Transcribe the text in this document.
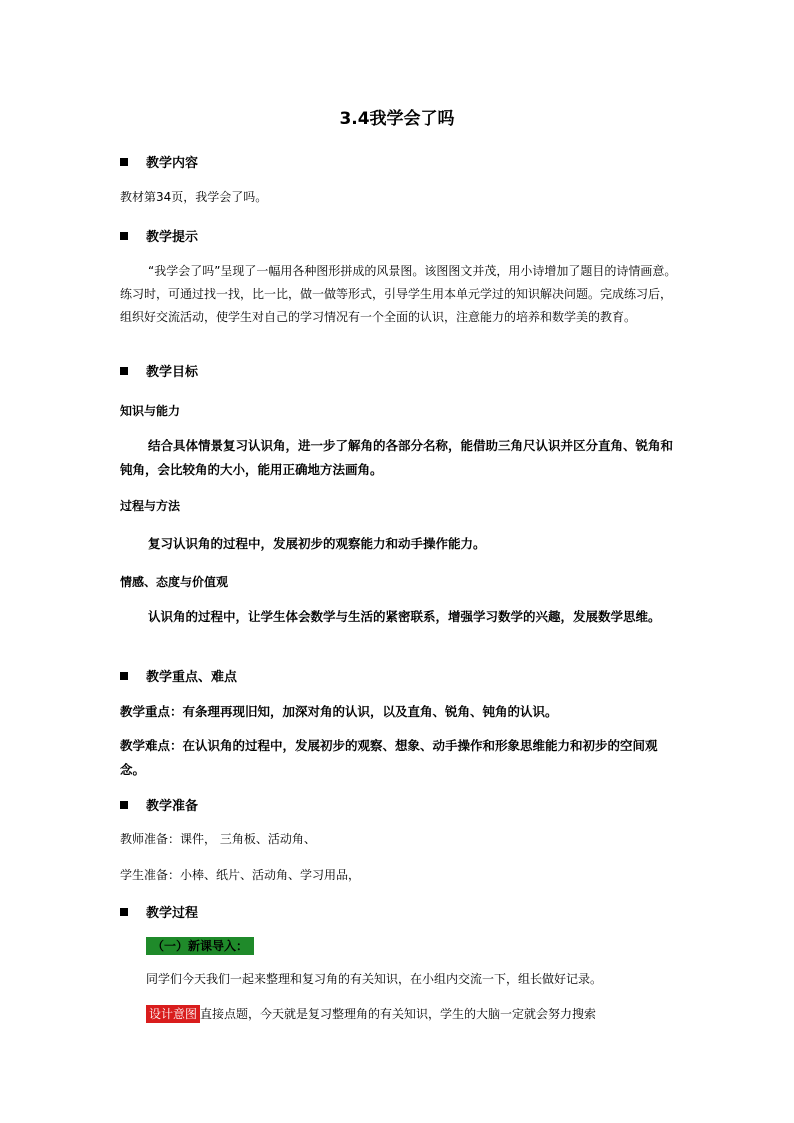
3.4我学会了吗
教学内容
教材第34页，我学会了吗。
教学提示
“我学会了吗”呈现了一幅用各种图形拼成的风景图。该图图文并茂，用小诗增加了题目的诗情画意。练习时，可通过找一找，比一比，做一做等形式，引导学生用本单元学过的知识解决问题。完成练习后，组织好交流活动，使学生对自己的学习情况有一个全面的认识，注意能力的培养和数学美的教育。
教学目标
知识与能力
结合具体情景复习认识角，进一步了解角的各部分名称，能借助三角尺认识并区分直角、锐角和钝角，会比较角的大小，能用正确地方法画角。
过程与方法
复习认识角的过程中，发展初步的观察能力和动手操作能力。
情感、态度与价值观
认识角的过程中，让学生体会数学与生活的紧密联系，增强学习数学的兴趣，发展数学思维。
教学重点、难点
教学重点：有条理再现旧知，加深对角的认识，以及直角、锐角、钝角的认识。
教学难点：在认识角的过程中，发展初步的观察、想象、动手操作和形象思维能力和初步的空间观念。
教学准备
教师准备：课件， 三角板、活动角、
学生准备：小棒、纸片、活动角、学习用品，
教学过程
（一）新课导入：
同学们今天我们一起来整理和复习角的有关知识，在小组内交流一下，组长做好记录。
设计意图 直接点题，今天就是复习整理角的有关知识，学生的大脑一定就会努力搜索
